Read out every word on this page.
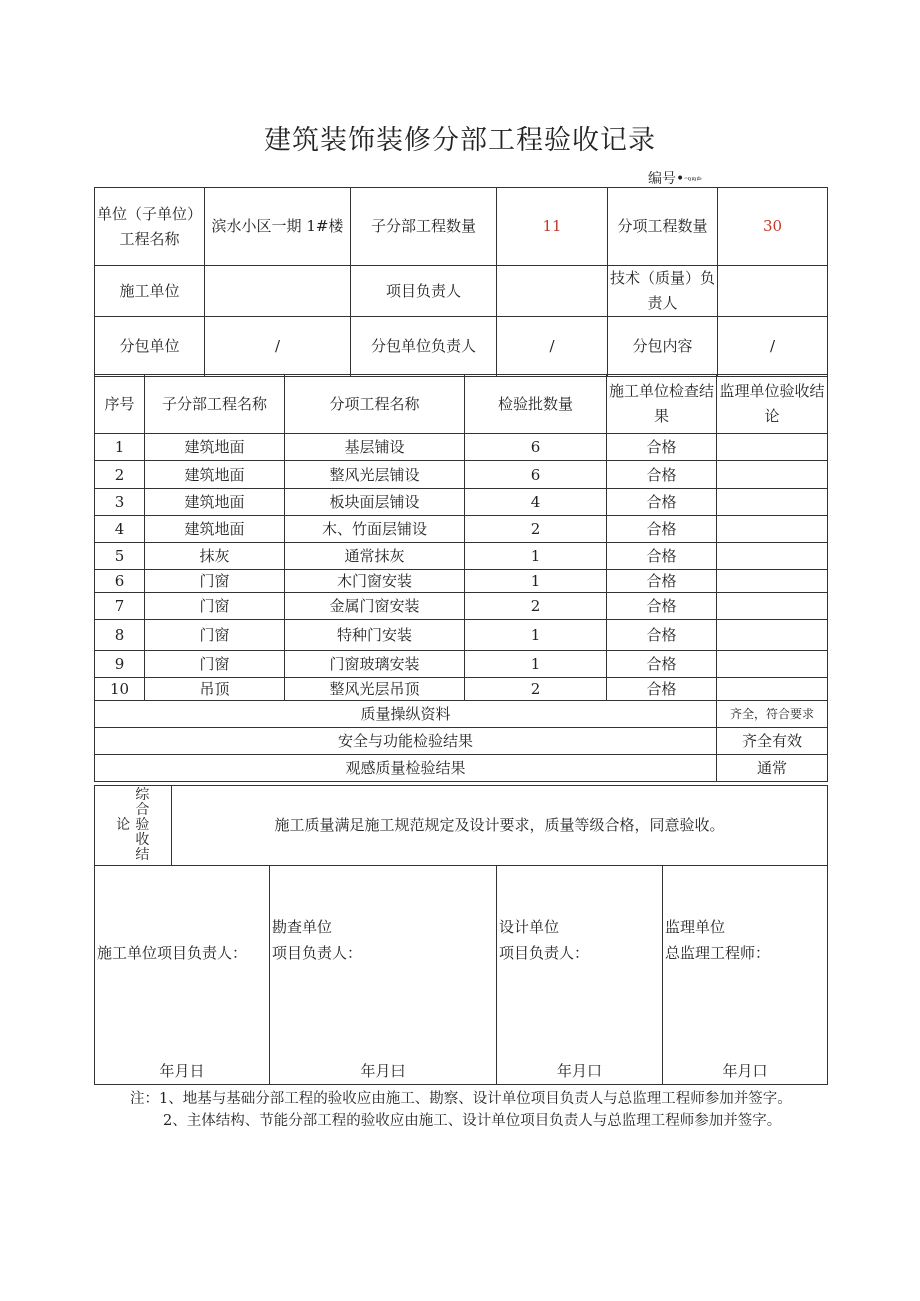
建筑装饰装修分部工程验收记录
编号•ᵔᵑᵎᵑᵎᵇ
单位（子单位）工程名称	滨水小区一期 1#楼	子分部工程数量	11	分项工程数量	30
施工单位		项目负责人		技术（质量）负责人	
分包单位	/	分包单位负责人	/	分包内容	/
序号	子分部工程名称	分项工程名称	检验批数量	施工单位检查结果	监理单位验收结论
1	建筑地面	基层铺设	6	合格	
2	建筑地面	整风光层铺设	6	合格	
3	建筑地面	板块面层铺设	4	合格	
4	建筑地面	木、竹面层铺设	2	合格	
5	抹灰	通常抹灰	1	合格	
6	门窗	木门窗安装	1	合格	
7	门窗	金属门窗安装	2	合格	
8	门窗	特种门安装	1	合格	
9	门窗	门窗玻璃安装	1	合格	
10	吊顶	整风光层吊顶	2	合格	
质量操纵资料					齐全，符合要求
安全与功能检验结果					齐全有效
观感质量检验结果					通常
论 综合验收结	施工质量满足施工规范规定及设计要求，质量等级合格，同意验收。
施工单位项目负责人：
年月日

勘查单位
项目负责人：
年月曰

设计单位
项目负责人：
年月口

监理单位
总监理工程师：
年月口
注：1、地基与基础分部工程的验收应由施工、勘察、设计单位项目负责人与总监理工程师参加并签字。
2、主体结构、节能分部工程的验收应由施工、设计单位项目负责人与总监理工程师参加并签字。
